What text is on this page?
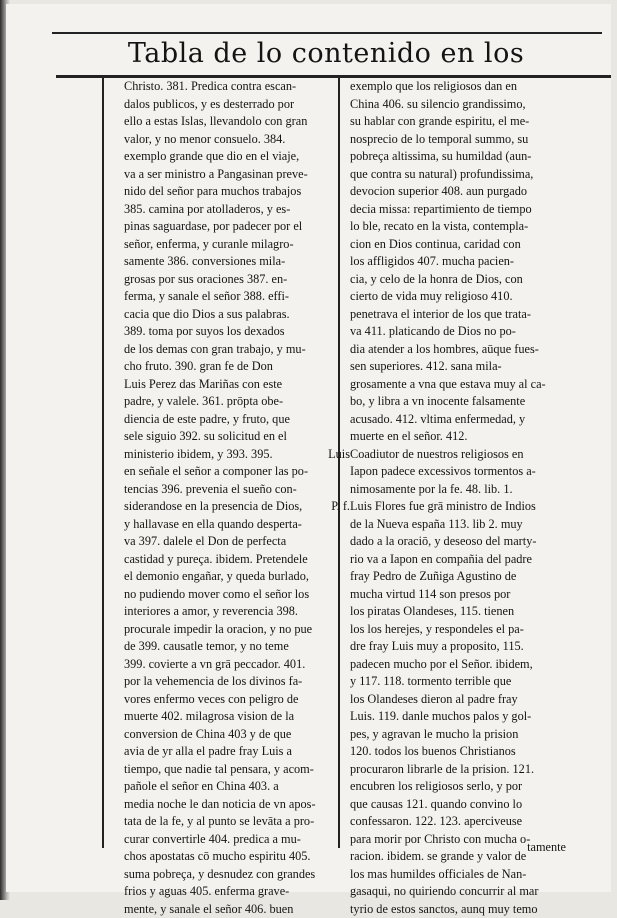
Tabla de lo contenido en los
Christo. 381. Predica contra escan-
dalos publicos, y es desterrado por
ello a estas Islas, llevandolo con gran
valor, y no menor consuelo. 384.
exemplo grande que dio en el viaje,
va a ser ministro a Pangasinan preve-
nido del señor para muchos trabajos
385. camina por atolladeros, y es-
pinas saguardase, por padecer por el
señor, enferma, y curanle milagro-
samente 386. conversiones mila-
grosas por sus oraciones 387. en-
ferma, y sanale el señor 388. effi-
cacia que dio Dios a sus palabras.
389. toma por suyos los dexados
de los demas con gran trabajo, y mu-
cho fruto. 390. gran fe de Don
Luis Perez das Mariñas con este
padre, y valele. 361. prōpta obe-
diencia de este padre, y fruto, que
sele siguio 392. su solicitud en el
ministerio ibidem, y 393. 395.
en señale el señor a componer las po-
tencias 396. prevenia el sueño con-
siderandose en la presencia de Dios,
y hallavase en ella quando desperta-
va 397. dalele el Don de perfecta
castidad y pureça. ibidem. Pretendele
el demonio engañar, y queda burlado,
no pudiendo mover como el señor los
interiores a amor, y reverencia 398.
procurale impedir la oracion, y no pue
de 399. causatle temor, y no teme
399. covierte a vn grā peccador. 401.
por la vehemencia de los divinos fa-
vores enfermo veces con peligro de
muerte 402. milagrosa vision de la
conversion de China 403 y de que
avia de yr alla el padre fray Luis a
tiempo, que nadie tal pensara, y acom-
pañole el señor en China 403. a
media noche le dan noticia de vn apos-
tata de la fe, y al punto se levāta a pro-
curar convertirle 404. predica a mu-
chos apostatas cō mucho espiritu 405.
suma pobreça, y desnudez con grandes
frios y aguas 405. enferma grave-
mente, y sanale el señor 406. buen
exemplo que los religiosos dan en
China 406. su silencio grandissimo,
su hablar con grande espiritu, el me-
nosprecio de lo temporal summo, su
pobreça altissima, su humildad (aun-
que contra su natural) profundissima,
devocion superior 408. aun purgado
decia missa: repartimiento de tiempo
lo ble, recato en la vista, contempla-
cion en Dios continua, caridad con
los affligidos 407. mucha pacien-
cia, y celo de la honra de Dios, con
cierto de vida muy religioso 410.
penetrava el interior de los que trata-
va 411. platicando de Dios no po-
dia atender a los hombres, aūque fues-
sen superiores. 412. sana mila-
grosamente a vna que estava muy al ca-
bo, y libra a vn inocente falsamente
acusado. 412. vltima enfermedad, y
muerte en el señor. 412.
Coadiutor de nuestros religiosos en
Iapon padece excessivos tormentos a-
nimosamente por la fe. 48. lib. 1.
Luis Flores fue grā ministro de Indios
de la Nueva españa 113. lib 2. muy
dado a la oraciō, y deseoso del marty-
rio va a Iapon en compañia del padre
fray Pedro de Zuñiga Agustino de
mucha virtud 114 son presos por
los piratas Olandeses, 115. tienen
los los herejes, y respondeles el pa-
dre fray Luis muy a proposito, 115.
padecen mucho por el Señor. ibidem,
y 117. 118. tormento terrible que
los Olandeses dieron al padre fray
Luis. 119. danle muchos palos y gol-
pes, y agravan le mucho la prision
120. todos los buenos Christianos
procuraron librarle de la prision. 121.
encubren los religiosos serlo, y por
que causas 121. quando convino lo
confessaron. 122. 123. aperciveuse
para morir por Christo con mucha o-
racion. ibidem. se grande y valor de
los mas humildes officiales de Nan-
gasaqui, no quiriendo concurrir al mar
tyrio de estos sanctos, aunq muy temo
Luis
P. f.
tamente
